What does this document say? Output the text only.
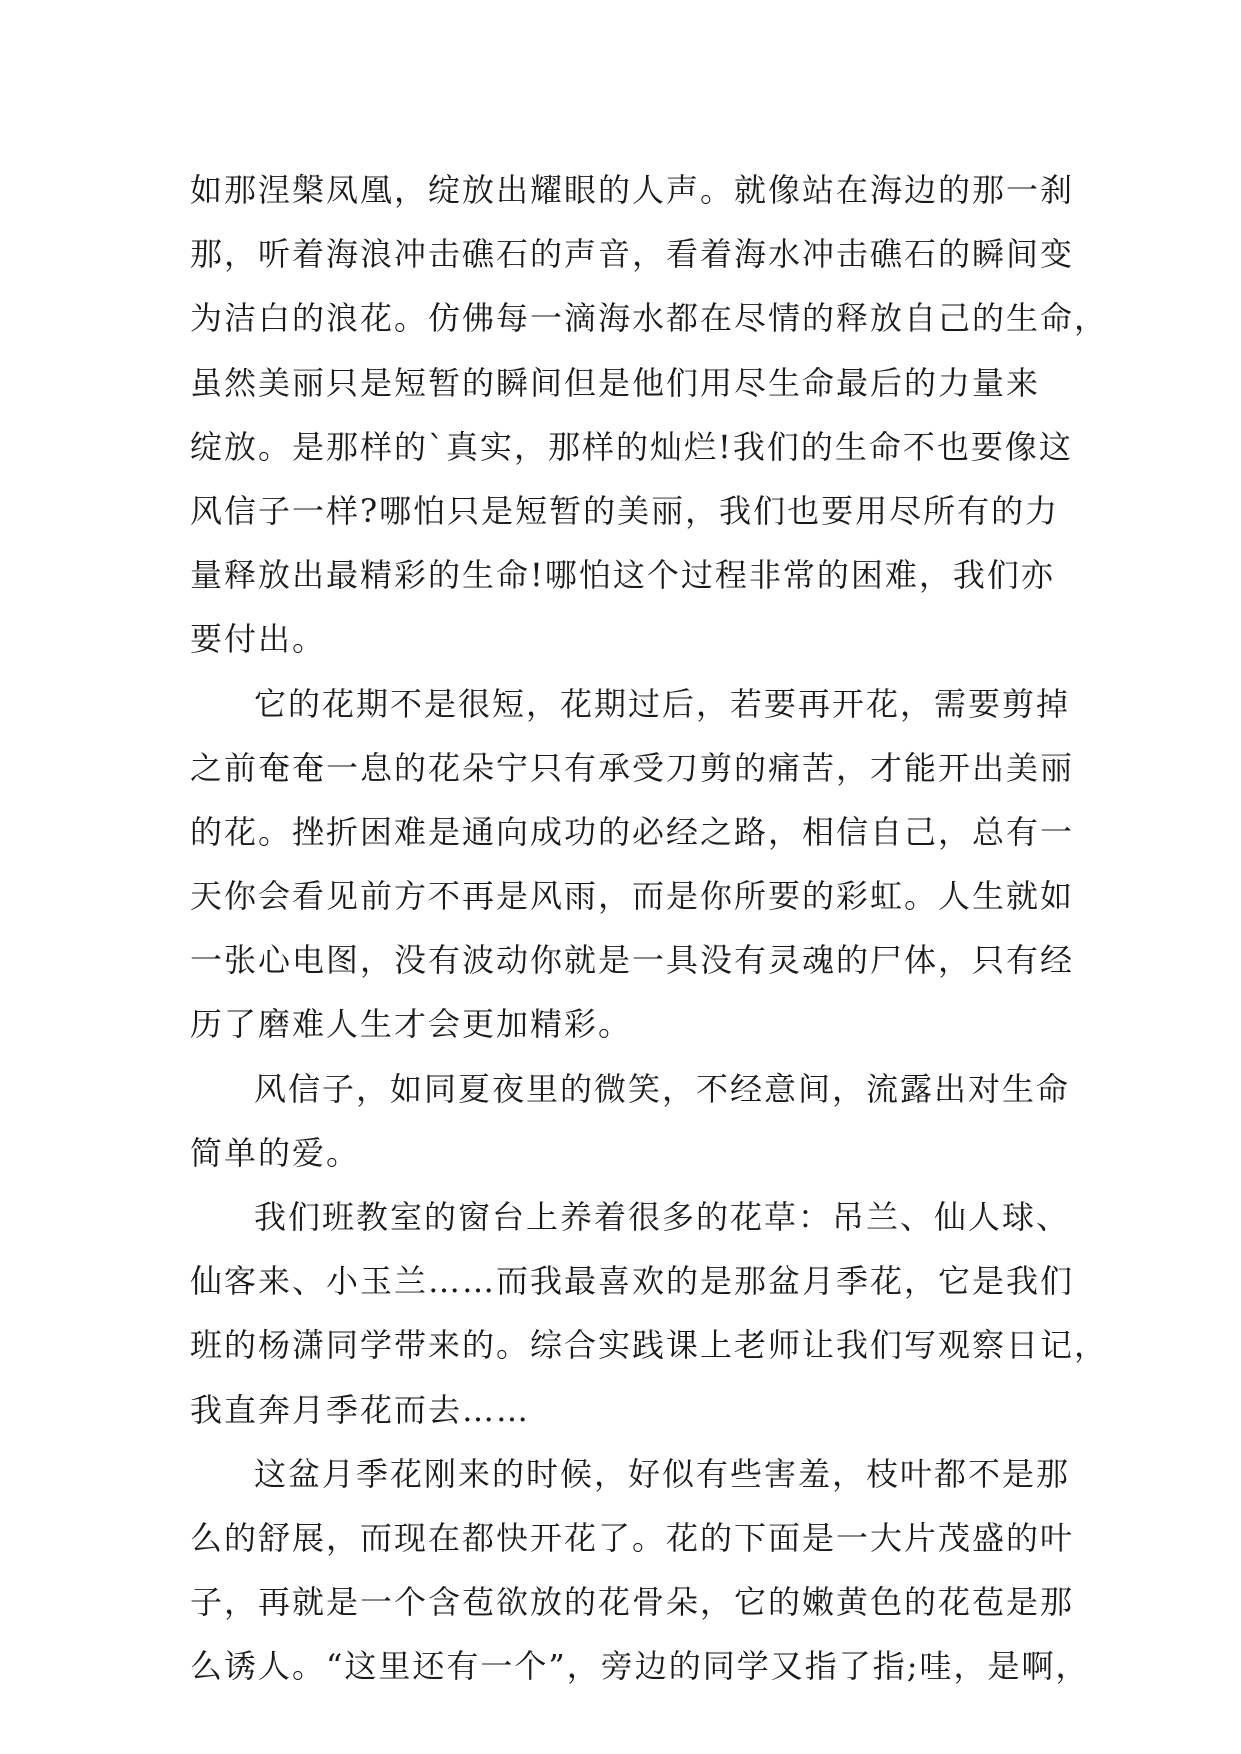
如那涅槃凤凰，绽放出耀眼的人声。就像站在海边的那一刹
那，听着海浪冲击礁石的声音，看着海水冲击礁石的瞬间变
为洁白的浪花。仿佛每一滴海水都在尽情的释放自己的生命，
虽然美丽只是短暂的瞬间但是他们用尽生命最后的力量来
绽放。是那样的`真实，那样的灿烂!我们的生命不也要像这
风信子一样?哪怕只是短暂的美丽，我们也要用尽所有的力
量释放出最精彩的生命!哪怕这个过程非常的困难，我们亦
要付出。
它的花期不是很短，花期过后，若要再开花，需要剪掉
之前奄奄一息的花朵宁只有承受刀剪的痛苦，才能开出美丽
的花。挫折困难是通向成功的必经之路，相信自己，总有一
天你会看见前方不再是风雨，而是你所要的彩虹。人生就如
一张心电图，没有波动你就是一具没有灵魂的尸体，只有经
历了磨难人生才会更加精彩。
风信子，如同夏夜里的微笑，不经意间，流露出对生命
简单的爱。
我们班教室的窗台上养着很多的花草：吊兰、仙人球、
仙客来、小玉兰……而我最喜欢的是那盆月季花，它是我们
班的杨潇同学带来的。综合实践课上老师让我们写观察日记，
我直奔月季花而去……
这盆月季花刚来的时候，好似有些害羞，枝叶都不是那
么的舒展，而现在都快开花了。花的下面是一大片茂盛的叶
子，再就是一个含苞欲放的花骨朵，它的嫩黄色的花苞是那
么诱人。“这里还有一个”，旁边的同学又指了指;哇，是啊，
